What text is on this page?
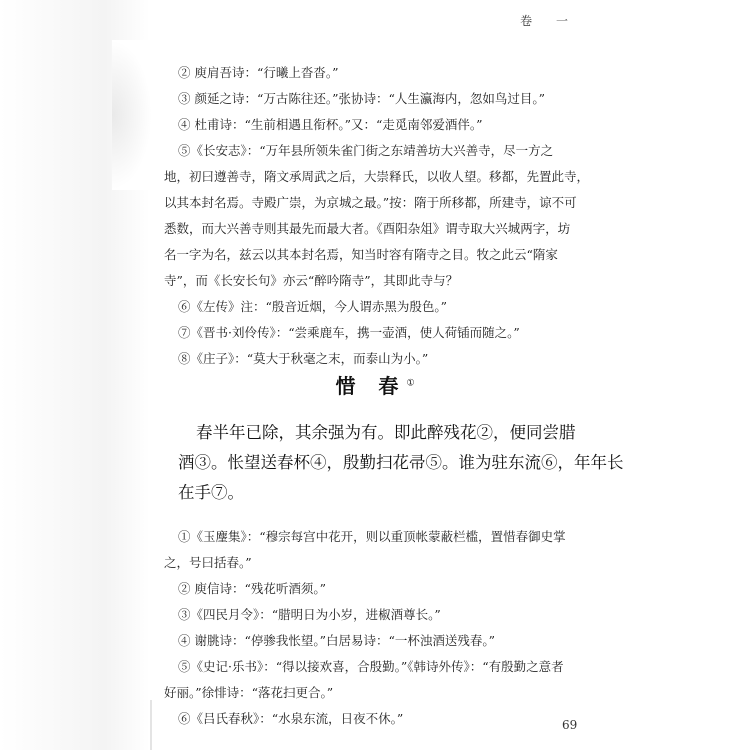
卷 一
② 庾肩吾诗：“行曦上沓沓。”
③ 颜延之诗：“万古陈往还。”张协诗：“人生瀛海内，忽如鸟过目。”
④ 杜甫诗：“生前相遇且衔杯。”又：“走觅南邻爱酒伴。”
⑤《长安志》：“万年县所领朱雀门街之东靖善坊大兴善寺，尽一方之
地，初曰遵善寺，隋文承周武之后，大崇释氏，以收人望。移都，先置此寺，
以其本封名焉。寺殿广崇，为京城之最。”按：隋于所移都，所建寺，谅不可
悉数，而大兴善寺则其最先而最大者。《酉阳杂俎》谓寺取大兴城两字，坊
名一字为名，兹云以其本封名焉，知当时容有隋寺之目。牧之此云“隋家
寺”，而《长安长句》亦云“醉吟隋寺”，其即此寺与？
⑥《左传》注：“殷音近烟，今人谓赤黑为殷色。”
⑦《晋书·刘伶传》：“尝乘鹿车，携一壶酒，使人荷锸而随之。”
⑧《庄子》：“莫大于秋毫之末，而泰山为小。”
惜 春①
春半年已除，其余强为有。即此醉残花②，便同尝腊
酒③。怅望送春杯④，殷勤扫花帚⑤。谁为驻东流⑥，年年长
在手⑦。
①《玉麈集》：“穆宗每宫中花开，则以重顶帐蒙蔽栏槛，置惜春御史掌
之，号曰括春。”
② 庾信诗：“残花听酒须。”
③《四民月令》：“腊明日为小岁，进椒酒尊长。”
④ 谢朓诗：“停骖我怅望。”白居易诗：“一杯浊酒送残春。”
⑤《史记·乐书》：“得以接欢喜，合殷勤。”《韩诗外传》：“有殷勤之意者
好丽。”徐悱诗：“落花扫更合。”
⑥《吕氏春秋》：“水泉东流，日夜不休。”	69
